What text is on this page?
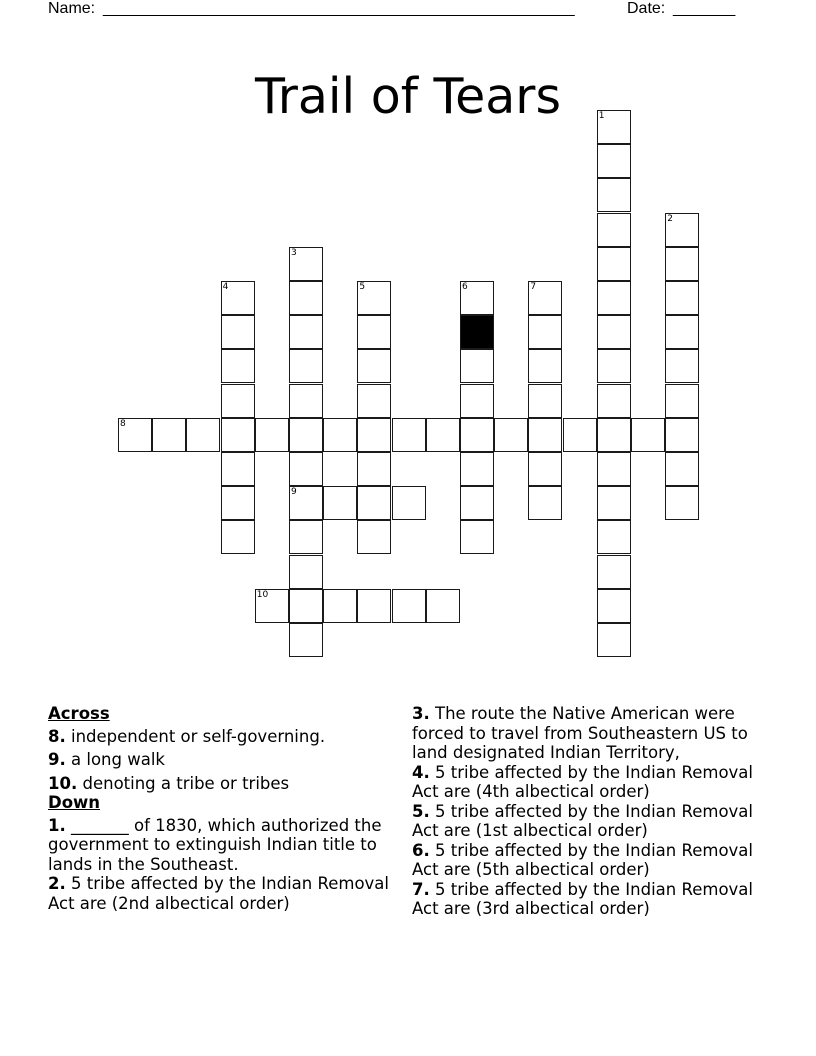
Name: _____________________________________________________	Date: _______
Trail of Tears	1
2
3
9
4	5	6	7
8
10
Across
8. independent or self-governing.
9. a long walk
10. denoting a tribe or tribes
Down
1. _______ of 1830, which authorized the government to extinguish Indian title to lands in the Southeast.
2. 5 tribe affected by the Indian Removal Act are (2nd albectical order)
3. The route the Native American were forced to travel from Southeastern US to land designated Indian Territory,
4. 5 tribe affected by the Indian Removal Act are (4th albectical order)
5. 5 tribe affected by the Indian Removal Act are (1st albectical order)
6. 5 tribe affected by the Indian Removal Act are (5th albectical order)
7. 5 tribe affected by the Indian Removal Act are (3rd albectical order)
